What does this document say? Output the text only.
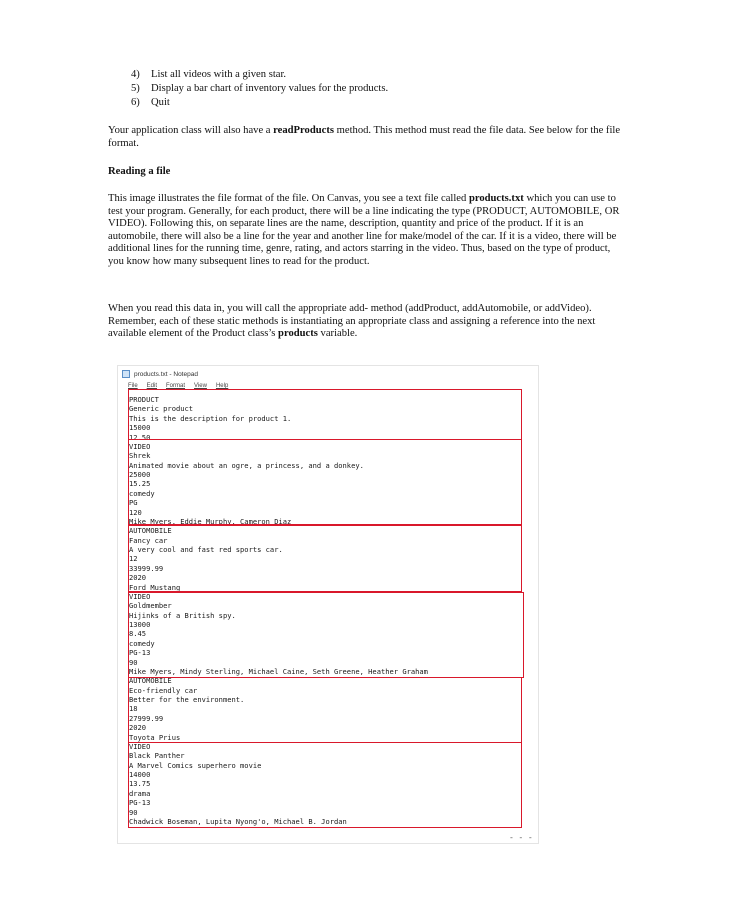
4)	List all videos with a given star.
5)	Display a bar chart of inventory values for the products.
6)	Quit

Your application class will also have a readProducts method. This method must read the file data. See below for the file format.

Reading a file

This image illustrates the file format of the file. On Canvas, you see a text file called products.txt which you can use to test your program. Generally, for each product, there will be a line indicating the type (PRODUCT, AUTOMOBILE, OR VIDEO). Following this, on separate lines are the name, description, quantity and price of the product. If it is an automobile, there will also be a line for the year and another line for make/model of the car. If it is a video, there will be additional lines for the running time, genre, rating, and actors starring in the video. Thus, based on the type of product, you know how many subsequent lines to read for the product.

When you read this data in, you will call the appropriate add- method (addProduct, addAutomobile, or addVideo). Remember, each of these static methods is instantiating an appropriate class and assigning a reference into the next available element of the Product class’s products variable.

products.txt - Notepad
File Edit Format View Help
PRODUCT
Generic product
This is the description for product 1.
15000
12.50
VIDEO
Shrek
Animated movie about an ogre, a princess, and a donkey.
25000
15.25
comedy
PG
120
Mike Myers, Eddie Murphy, Cameron Diaz
AUTOMOBILE
Fancy car
A very cool and fast red sports car.
12
33999.99
2020
Ford Mustang
VIDEO
Goldmember
Hijinks of a British spy.
13000
8.45
comedy
PG-13
90
Mike Myers, Mindy Sterling, Michael Caine, Seth Greene, Heather Graham
AUTOMOBILE
Eco-friendly car
Better for the environment.
18
27999.99
2020
Toyota Prius
VIDEO
Black Panther
A Marvel Comics superhero movie
14000
13.75
drama
PG-13
90
Chadwick Boseman, Lupita Nyong'o, Michael B. Jordan
- - -
